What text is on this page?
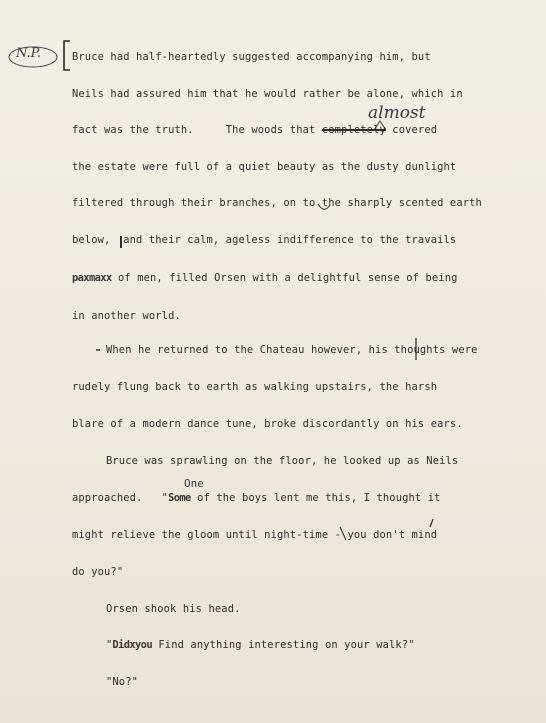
N.P.
almost
One
Bruce had half-heartedly suggested accompanying him, but
Neils had assured him that he would rather be alone, which in
fact was the truth.     The woods that completely covered
the estate were full of a quiet beauty as the dusty dunlight
filtered through their branches, on to the sharply scented earth
below,  and their calm, ageless indifference to the travails
paxmaxx of men, filled Orsen with a delightful sense of being
in another world.
When he returned to the Chateau however, his thoughts were
rudely flung back to earth as walking upstairs, the harsh
blare of a modern dance tune, broke discordantly on his ears.
Bruce was sprawling on the floor, he looked up as Neils
approached.   "Some of the boys lent me this, I thought it
might relieve the gloom until night-time - you don't mind
do you?"
Orsen shook his head.
"Didxyou Find anything interesting on your walk?"
"No?"
